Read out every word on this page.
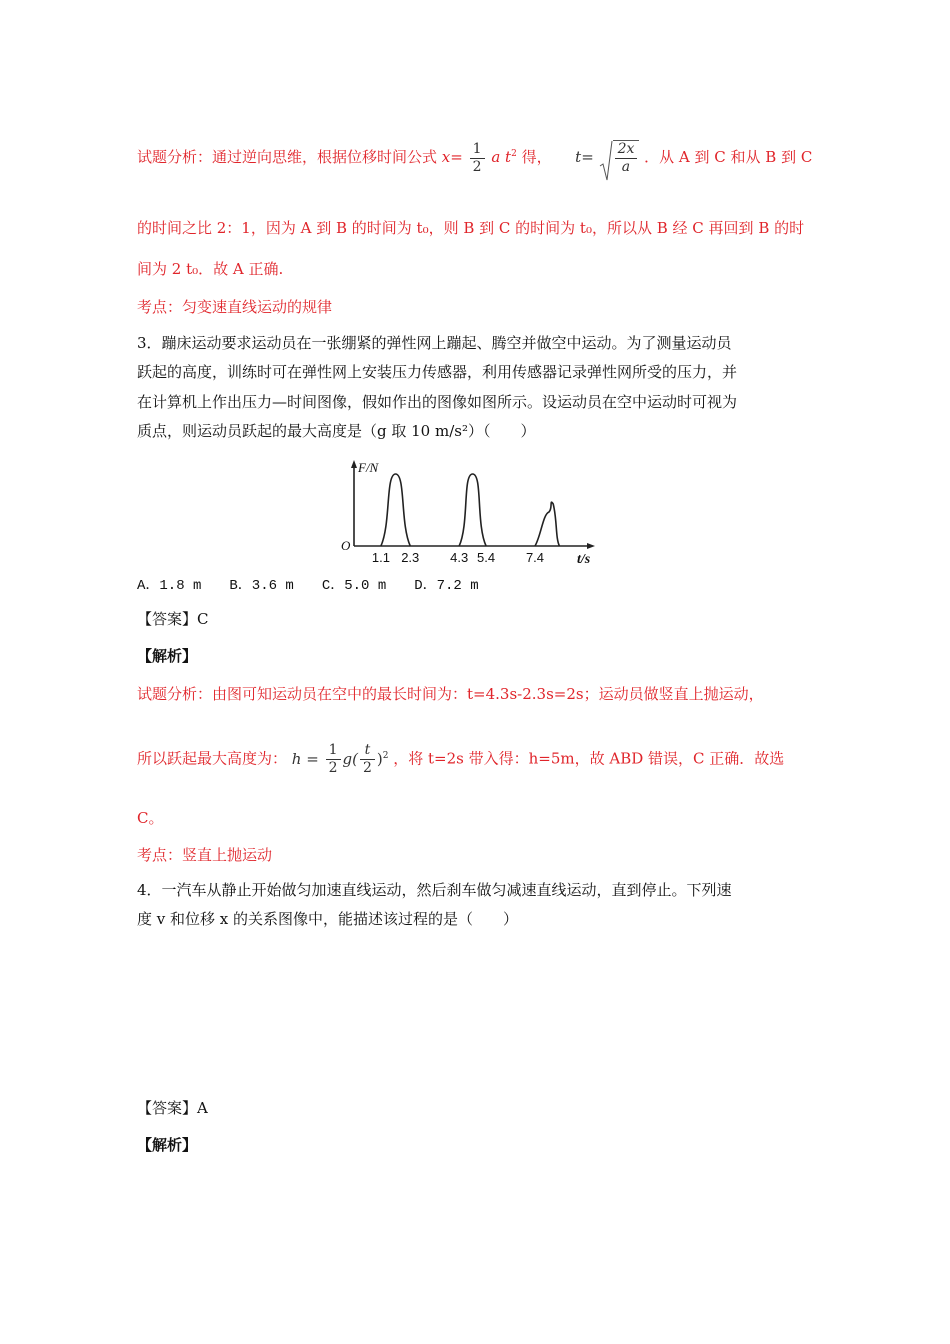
试题分析：通过逆向思维，根据位移时间公式 $x= \frac{1}{2}$ a $t^2$ 得， $t= \frac{2x}{a}$ ．从 A 到 C 和从 B 到 C
的时间之比 2：1，因为 A 到 B 的时间为 t₀，则 B 到 C 的时间为 t₀，所以从 B 经 C 再回到 B 的时
间为 2 t₀．故 A 正确.
考点：匀变速直线运动的规律
3．蹦床运动要求运动员在一张绷紧的弹性网上蹦起、腾空并做空中运动。为了测量运动员
跃起的高度，训练时可在弹性网上安装压力传感器，利用传感器记录弹性网所受的压力，并
在计算机上作出压力—时间图像，假如作出的图像如图所示。设运动员在空中运动时可视为
质点，则运动员跃起的最大高度是（g 取 10 m/s²）（　　）
F/N
t/s
O
1.1 2.3 4.3 5.4 7.4
A．1.8 m　　B．3.6 m　　C．5.0 m　　D．7.2 m
【答案】C
【解析】
试题分析：由图可知运动员在空中的最长时间为：t=4.3s-2.3s=2s；运动员做竖直上抛运动，
所以跃起最大高度为： $h = \frac{1}{2} g( \frac{t}{2} )^2$ ，将 t=2s 带入得：h=5m，故 ABD 错误，C 正确．故选
C。
考点：竖直上抛运动
4．一汽车从静止开始做匀加速直线运动，然后刹车做匀减速直线运动，直到停止。下列速
度 v 和位移 x 的关系图像中，能描述该过程的是（　　）
【答案】A
【解析】
